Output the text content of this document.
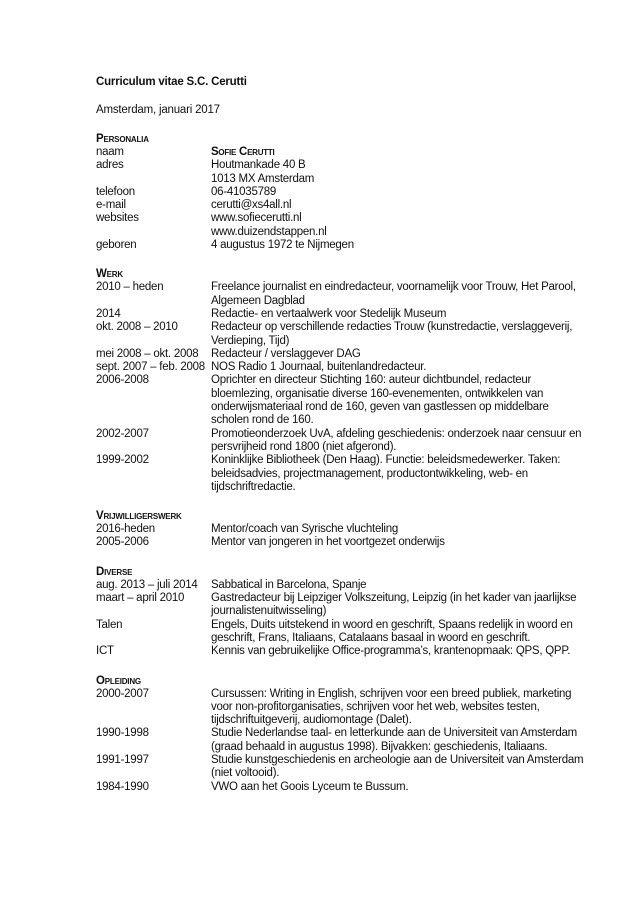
Curriculum vitae S.C. Cerutti
Amsterdam, januari 2017
Personalia
naam	Sofie Cerutti
adres	Houtmankade 40 B
1013 MX Amsterdam
telefoon	06-41035789
e-mail	cerutti@xs4all.nl
websites	www.sofiecerutti.nl
www.duizendstappen.nl
geboren	4 augustus 1972 te Nijmegen
Werk
2010 – heden	Freelance journalist en eindredacteur, voornamelijk voor Trouw, Het Parool,
Algemeen Dagblad
2014	Redactie- en vertaalwerk voor Stedelijk Museum
okt. 2008 – 2010	Redacteur op verschillende redacties Trouw (kunstredactie, verslaggeverij,
Verdieping, Tijd)
mei 2008 – okt. 2008	Redacteur / verslaggever DAG
sept. 2007 – feb. 2008 NOS Radio 1 Journaal, buitenlandredacteur.
2006-2008	Oprichter en directeur Stichting 160: auteur dichtbundel, redacteur
bloemlezing, organisatie diverse 160-evenementen, ontwikkelen van
onderwijsmateriaal rond de 160, geven van gastlessen op middelbare
scholen rond de 160.
2002-2007	Promotieonderzoek UvA, afdeling geschiedenis: onderzoek naar censuur en
persvrijheid rond 1800 (niet afgerond).
1999-2002	Koninklijke Bibliotheek (Den Haag). Functie: beleidsmedewerker. Taken:
beleidsadvies, projectmanagement, productontwikkeling, web- en
tijdschriftredactie.
Vrijwilligerswerk
2016-heden	Mentor/coach van Syrische vluchteling
2005-2006	Mentor van jongeren in het voortgezet onderwijs
Diverse
aug. 2013 – juli 2014	Sabbatical in Barcelona, Spanje
maart – april 2010	Gastredacteur bij Leipziger Volkszeitung, Leipzig (in het kader van jaarlijkse
journalistenuitwisseling)
Talen	Engels, Duits uitstekend in woord en geschrift, Spaans redelijk in woord en
geschrift, Frans, Italiaans, Catalaans basaal in woord en geschrift.
ICT	Kennis van gebruikelijke Office-programma’s, krantenopmaak: QPS, QPP.
Opleiding
2000-2007	Cursussen: Writing in English, schrijven voor een breed publiek, marketing
voor non-profitorganisaties, schrijven voor het web, websites testen,
tijdschriftuitgeverij, audiomontage (Dalet).
1990-1998	Studie Nederlandse taal- en letterkunde aan de Universiteit van Amsterdam
(graad behaald in augustus 1998). Bijvakken: geschiedenis, Italiaans.
1991-1997	Studie kunstgeschiedenis en archeologie aan de Universiteit van Amsterdam
(niet voltooid).
1984-1990	VWO aan het Goois Lyceum te Bussum.
